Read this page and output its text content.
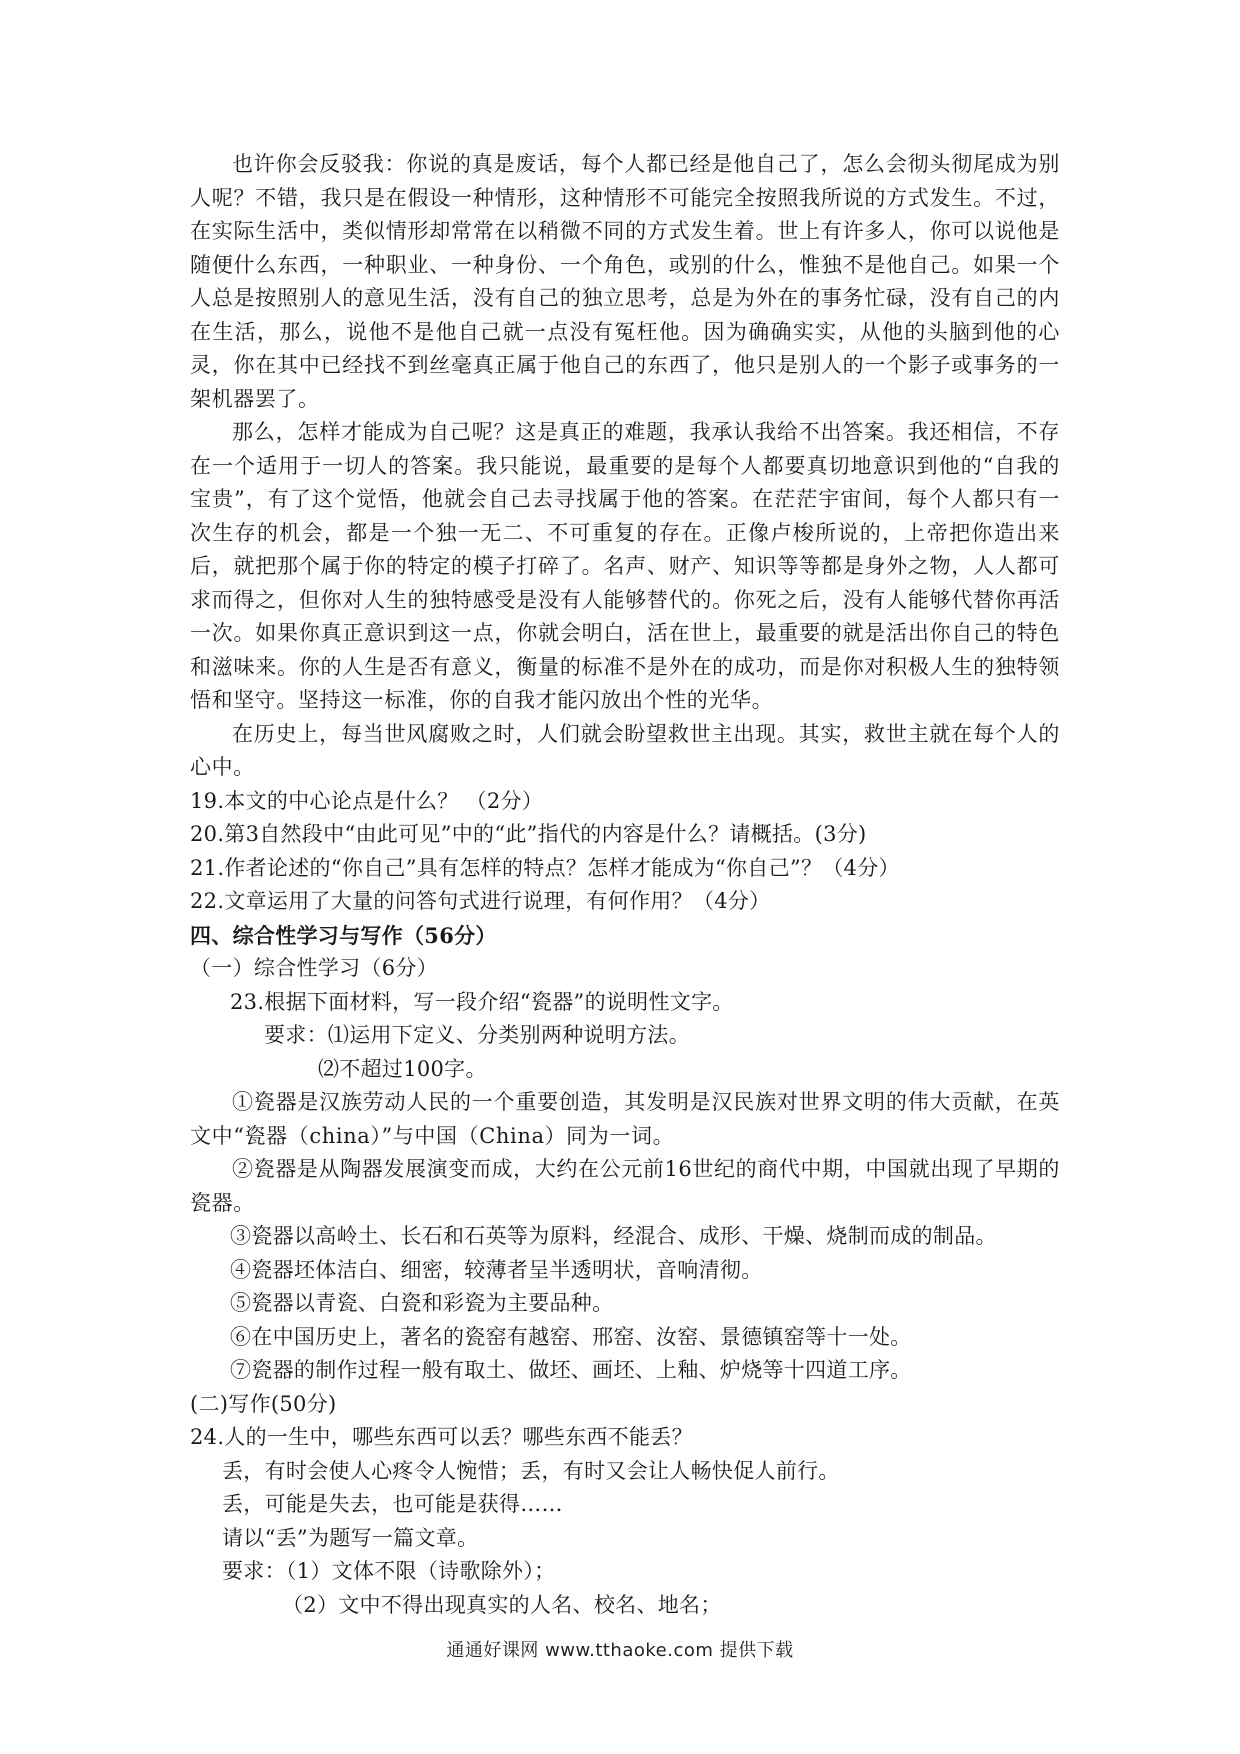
也许你会反驳我：你说的真是废话，每个人都已经是他自己了，怎么会彻头彻尾成为别人呢？不错，我只是在假设一种情形，这种情形不可能完全按照我所说的方式发生。不过，在实际生活中，类似情形却常常在以稍微不同的方式发生着。世上有许多人，你可以说他是随便什么东西，一种职业、一种身份、一个角色，或别的什么，惟独不是他自己。如果一个人总是按照别人的意见生活，没有自己的独立思考，总是为外在的事务忙碌，没有自己的内在生活，那么，说他不是他自己就一点没有冤枉他。因为确确实实，从他的头脑到他的心灵，你在其中已经找不到丝毫真正属于他自己的东西了，他只是别人的一个影子或事务的一架机器罢了。

那么，怎样才能成为自己呢？这是真正的难题，我承认我给不出答案。我还相信，不存在一个适用于一切人的答案。我只能说，最重要的是每个人都要真切地意识到他的“自我的宝贵”，有了这个觉悟，他就会自己去寻找属于他的答案。在茫茫宇宙间，每个人都只有一次生存的机会，都是一个独一无二、不可重复的存在。正像卢梭所说的，上帝把你造出来后，就把那个属于你的特定的模子打碎了。名声、财产、知识等等都是身外之物，人人都可求而得之，但你对人生的独特感受是没有人能够替代的。你死之后，没有人能够代替你再活一次。如果你真正意识到这一点，你就会明白，活在世上，最重要的就是活出你自己的特色和滋味来。你的人生是否有意义，衡量的标准不是外在的成功，而是你对积极人生的独特领悟和坚守。坚持这一标准，你的自我才能闪放出个性的光华。

在历史上，每当世风腐败之时，人们就会盼望救世主出现。其实，救世主就在每个人的心中。

19.本文的中心论点是什么？ （2分）

20.第3自然段中“由此可见”中的“此”指代的内容是什么？请概括。(3分)

21.作者论述的“你自己”具有怎样的特点？怎样才能成为“你自己”？（4分）

22.文章运用了大量的问答句式进行说理，有何作用？（4分）

四、综合性学习与写作（56分）

（一）综合性学习（6分）

23.根据下面材料，写一段介绍“瓷器”的说明性文字。

要求：⑴运用下定义、分类别两种说明方法。

⑵不超过100字。

①瓷器是汉族劳动人民的一个重要创造，其发明是汉民族对世界文明的伟大贡献，在英文中“瓷器（china）”与中国（China）同为一词。

②瓷器是从陶器发展演变而成，大约在公元前16世纪的商代中期，中国就出现了早期的瓷器。

③瓷器以高岭土、长石和石英等为原料，经混合、成形、干燥、烧制而成的制品。

④瓷器坯体洁白、细密，较薄者呈半透明状，音响清彻。

⑤瓷器以青瓷、白瓷和彩瓷为主要品种。

⑥在中国历史上，著名的瓷窑有越窑、邢窑、汝窑、景德镇窑等十一处。

⑦瓷器的制作过程一般有取土、做坯、画坯、上釉、炉烧等十四道工序。

(二)写作(50分)

24.人的一生中，哪些东西可以丢？哪些东西不能丢？

丢，有时会使人心疼令人惋惜；丢，有时又会让人畅快促人前行。

丢，可能是失去，也可能是获得……

请以“丢”为题写一篇文章。

要求：（1）文体不限（诗歌除外）；

（2）文中不得出现真实的人名、校名、地名；

通通好课网 www.tthaoke.com 提供下载
